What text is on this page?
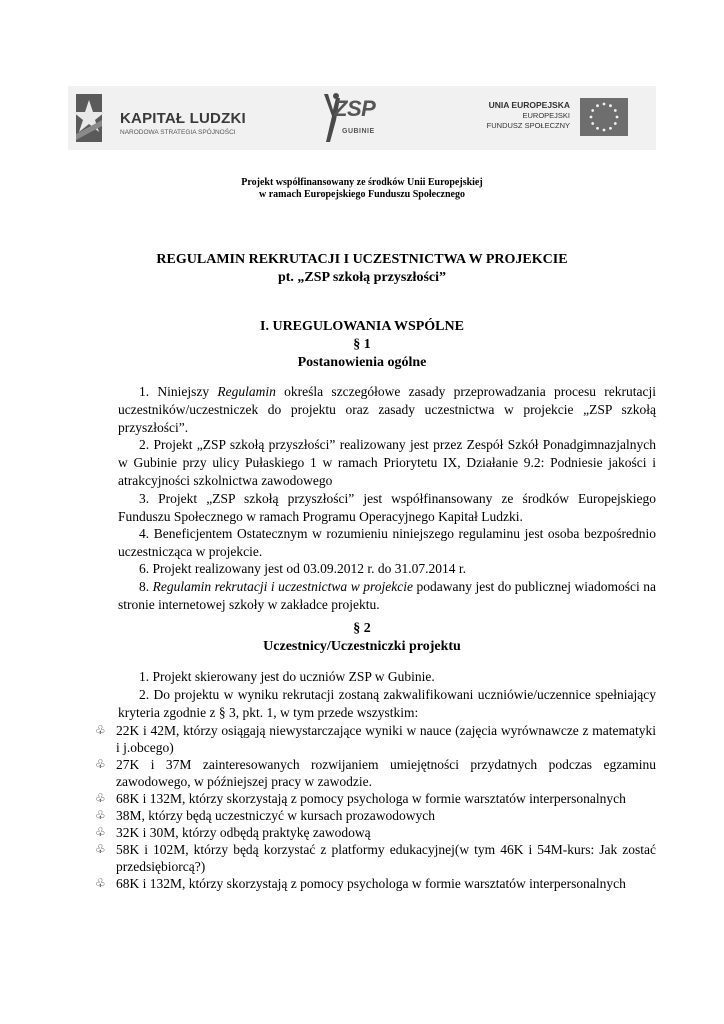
KAPITAŁ LUDZKI
NARODOWA STRATEGIA SPÓJNOŚCI
ZSP
GUBINIE
UNIA EUROPEJSKA
EUROPEJSKI
FUNDUSZ SPOŁECZNY
Projekt współfinansowany ze środków Unii Europejskiej
w ramach Europejskiego Funduszu Społecznego
REGULAMIN REKRUTACJI I UCZESTNICTWA W PROJEKCIE
pt. „ZSP szkołą przyszłości”
I. UREGULOWANIA WSPÓLNE
§ 1
Postanowienia ogólne
1. Niniejszy Regulamin określa szczegółowe zasady przeprowadzania procesu rekrutacji uczestników/uczestniczek do projektu oraz zasady uczestnictwa w projekcie „ZSP szkołą przyszłości”.
2. Projekt „ZSP szkołą przyszłości” realizowany jest przez Zespół Szkół Ponadgimnazjalnych w Gubinie przy ulicy Pułaskiego 1 w ramach Priorytetu IX, Działanie 9.2: Podniesie jakości i atrakcyjności szkolnictwa zawodowego
3. Projekt „ZSP szkołą przyszłości” jest współfinansowany ze środków Europejskiego Funduszu Społecznego w ramach Programu Operacyjnego Kapitał Ludzki.
4. Beneficjentem Ostatecznym w rozumieniu niniejszego regulaminu jest osoba bezpośrednio uczestnicząca w projekcie.
6. Projekt realizowany jest od 03.09.2012 r. do 31.07.2014 r.
8. Regulamin rekrutacji i uczestnictwa w projekcie podawany jest do publicznej wiadomości na stronie internetowej szkoły w zakładce projektu.
§ 2
Uczestnicy/Uczestniczki projektu
1. Projekt skierowany jest do uczniów ZSP w Gubinie.
2. Do projektu w wyniku rekrutacji zostaną zakwalifikowani uczniówie/uczennice spełniający kryteria zgodnie z § 3, pkt. 1, w tym przede wszystkim:
♧ 22K i 42M, którzy osiągają niewystarczające wyniki w nauce (zajęcia wyrównawcze z matematyki i j.obcego)
♧ 27K i 37M zainteresowanych rozwijaniem umiejętności przydatnych podczas egzaminu zawodowego, w późniejszej pracy w zawodzie.
♧ 68K i 132M, którzy skorzystają z pomocy psychologa w formie warsztatów interpersonalnych
♧ 38M, którzy będą uczestniczyć w kursach prozawodowych
♧ 32K i 30M, którzy odbędą praktykę zawodową
♧ 58K i 102M, którzy będą korzystać z platformy edukacyjnej(w tym 46K i 54M-kurs: Jak zostać przedsiębiorcą?)
♧ 68K i 132M, którzy skorzystają z pomocy psychologa w formie warsztatów interpersonalnych
